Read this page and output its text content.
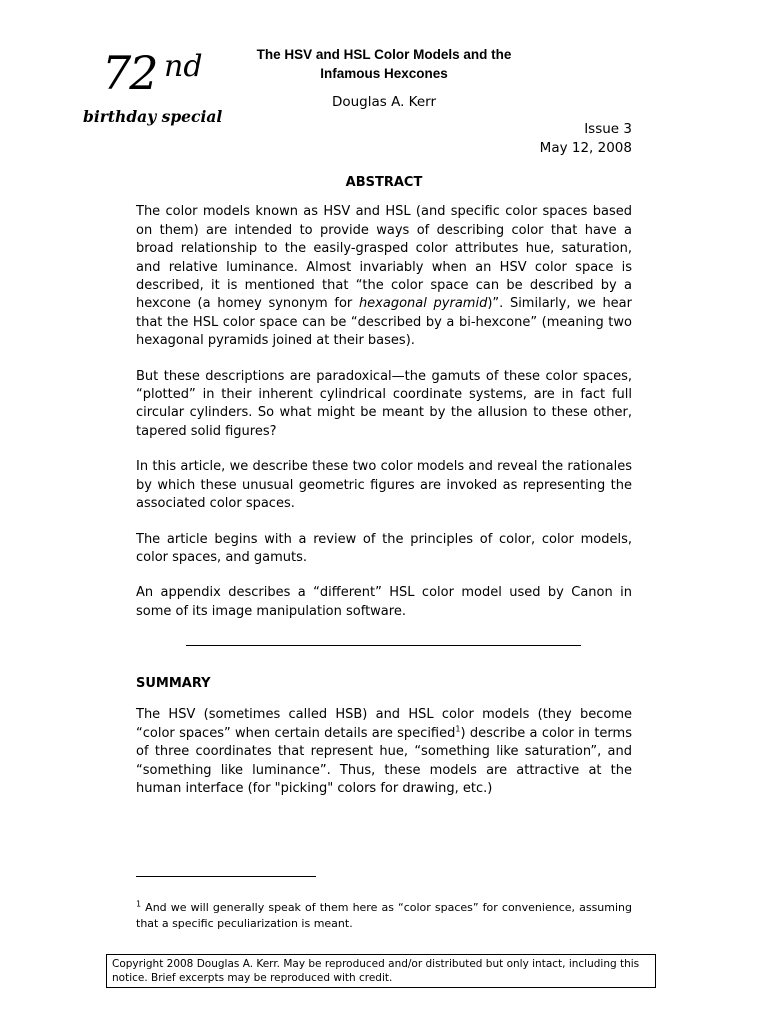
72 nd
birthday special
The HSV and HSL Color Models and the
Infamous Hexcones
Douglas A. Kerr
Issue 3
May 12, 2008
ABSTRACT

The color models known as HSV and HSL (and specific color spaces based on them) are intended to provide ways of describing color that have a broad relationship to the easily-grasped color attributes hue, saturation, and relative luminance. Almost invariably when an HSV color space is described, it is mentioned that “the color space can be described by a hexcone (a homey synonym for hexagonal pyramid)”. Similarly, we hear that the HSL color space can be “described by a bi-hexcone” (meaning two hexagonal pyramids joined at their bases).

But these descriptions are paradoxical—the gamuts of these color spaces, “plotted” in their inherent cylindrical coordinate systems, are in fact full circular cylinders. So what might be meant by the allusion to these other, tapered solid figures?

In this article, we describe these two color models and reveal the rationales by which these unusual geometric figures are invoked as representing the associated color spaces.

The article begins with a review of the principles of color, color models, color spaces, and gamuts.

An appendix describes a “different” HSL color model used by Canon in some of its image manipulation software.

SUMMARY

The HSV (sometimes called HSB) and HSL color models (they become “color spaces” when certain details are specified$^1$) describe a color in terms of three coordinates that represent hue, “something like saturation”, and “something like luminance”. Thus, these models are attractive at the human interface (for "picking" colors for drawing, etc.)

$^1$ And we will generally speak of them here as “color spaces” for convenience, assuming that a specific peculiarization is meant.
Copyright 2008 Douglas A. Kerr. May be reproduced and/or distributed but only intact, including this notice. Brief excerpts may be reproduced with credit.
